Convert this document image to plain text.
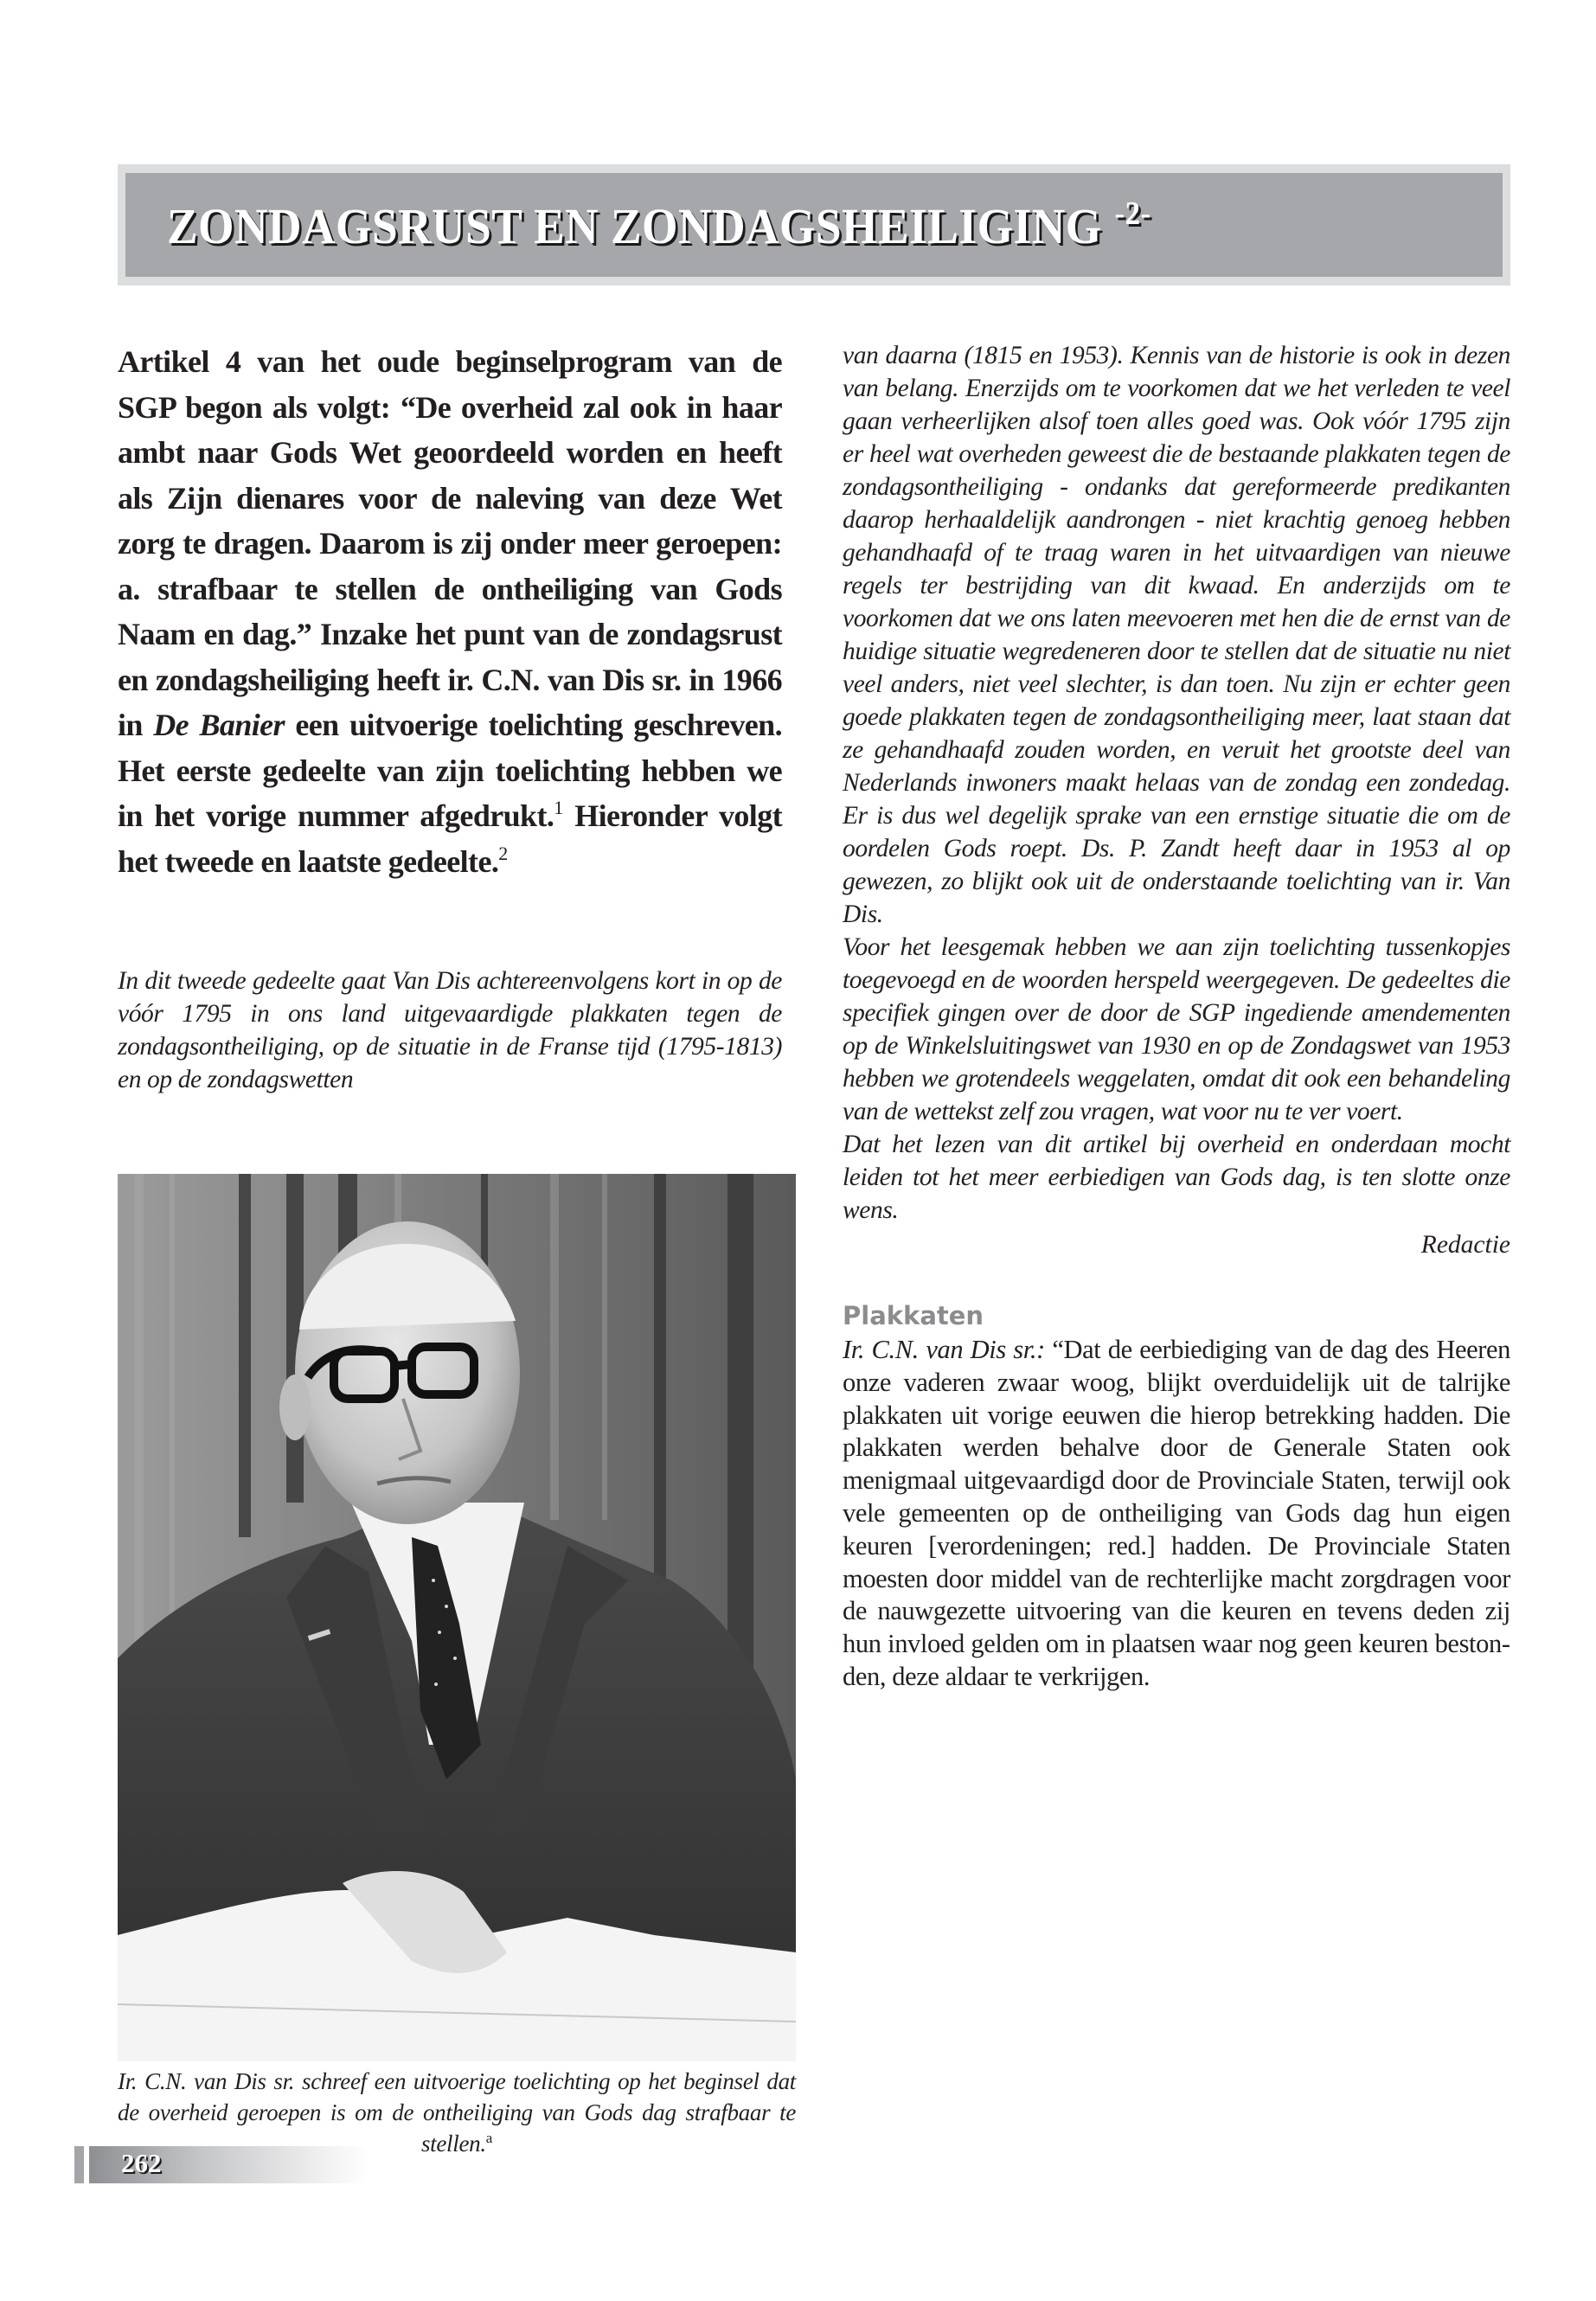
ZONDAGSRUST EN ZONDAGSHEILIGING $^{-2-}$

Artikel 4 van het oude beginselprogram van de SGP begon als volgt: “De overheid zal ook in haar ambt naar Gods Wet geoordeeld worden en heeft als Zijn dienares voor de naleving van deze Wet zorg te dragen. Daarom is zij onder meer geroepen: a. strafbaar te stellen de ontheiliging van Gods Naam en dag.” Inzake het punt van de zondagsrust en zondagsheiliging heeft ir. C.N. van Dis sr. in 1966 in De Banier een uitvoerige toelichting geschreven. Het eerste gedeelte van zijn toelichting hebben we in het vorige nummer afgedrukt.$^1$ Hieronder volgt het tweede en laatste gedeelte.$^2$

In dit tweede gedeelte gaat Van Dis achtereenvolgens kort in op de vóór 1795 in ons land uitgevaardigde plakkaten tegen de zondagsontheiliging, op de situatie in de Franse tijd (1795-1813) en op de zondagswetten

Ir. C.N. van Dis sr. schreef een uitvoerige toelichting op het beginsel dat de overheid geroepen is om de ontheiliging van Gods dag strafbaar te stellen.$^a$

van daarna (1815 en 1953). Kennis van de historie is ook in dezen van belang. Enerzijds om te voorkomen dat we het verleden te veel gaan verheerlijken alsof toen alles goed was. Ook vóór 1795 zijn er heel wat overheden geweest die de bestaande plakkaten tegen de zondagsontheiliging - ondanks dat gereformeerde predikanten daarop herhaaldelijk aandrongen - niet krachtig genoeg hebben gehandhaafd of te traag waren in het uitvaardigen van nieuwe regels ter bestrijding van dit kwaad. En anderzijds om te voorkomen dat we ons laten meevoeren met hen die de ernst van de huidige situatie wegredeneren door te stellen dat de situatie nu niet veel anders, niet veel slechter, is dan toen. Nu zijn er echter geen goede plakkaten tegen de zondagsontheiliging meer, laat staan dat ze gehandhaafd zouden worden, en veruit het grootste deel van Nederlands inwoners maakt helaas van de zondag een zondedag. Er is dus wel degelijk sprake van een ernstige situatie die om de oordelen Gods roept. Ds. P. Zandt heeft daar in 1953 al op gewezen, zo blijkt ook uit de onderstaande toelichting van ir. Van Dis.

Voor het leesgemak hebben we aan zijn toelichting tussenkopjes toegevoegd en de woorden herspeld weergegeven. De gedeeltes die specifiek gingen over de door de SGP ingediende amendementen op de Winkelsluitingswet van 1930 en op de Zondagswet van 1953 hebben we grotendeels weggelaten, omdat dit ook een behandeling van de wettekst zelf zou vragen, wat voor nu te ver voert.

Dat het lezen van dit artikel bij overheid en onderdaan mocht leiden tot het meer eerbiedigen van Gods dag, is ten slotte onze wens.

Redactie

Plakkaten

Ir. C.N. van Dis sr.: “Dat de eerbiediging van de dag des Heeren onze vaderen zwaar woog, blijkt overduidelijk uit de talrijke plakkaten uit vorige eeuwen die hierop betrekking hadden. Die plakkaten werden behalve door de Generale Staten ook menigmaal uitgevaardigd door de Provinciale Staten, terwijl ook vele gemeenten op de ontheiliging van Gods dag hun eigen keuren [verordeningen; red.] hadden. De Provinciale Staten moesten door middel van de rechterlijke macht zorgdragen voor de nauwgezette uitvoering van die keuren en tevens deden zij hun invloed gelden om in plaatsen waar nog geen keuren bestonden, deze aldaar te verkrijgen.

262
